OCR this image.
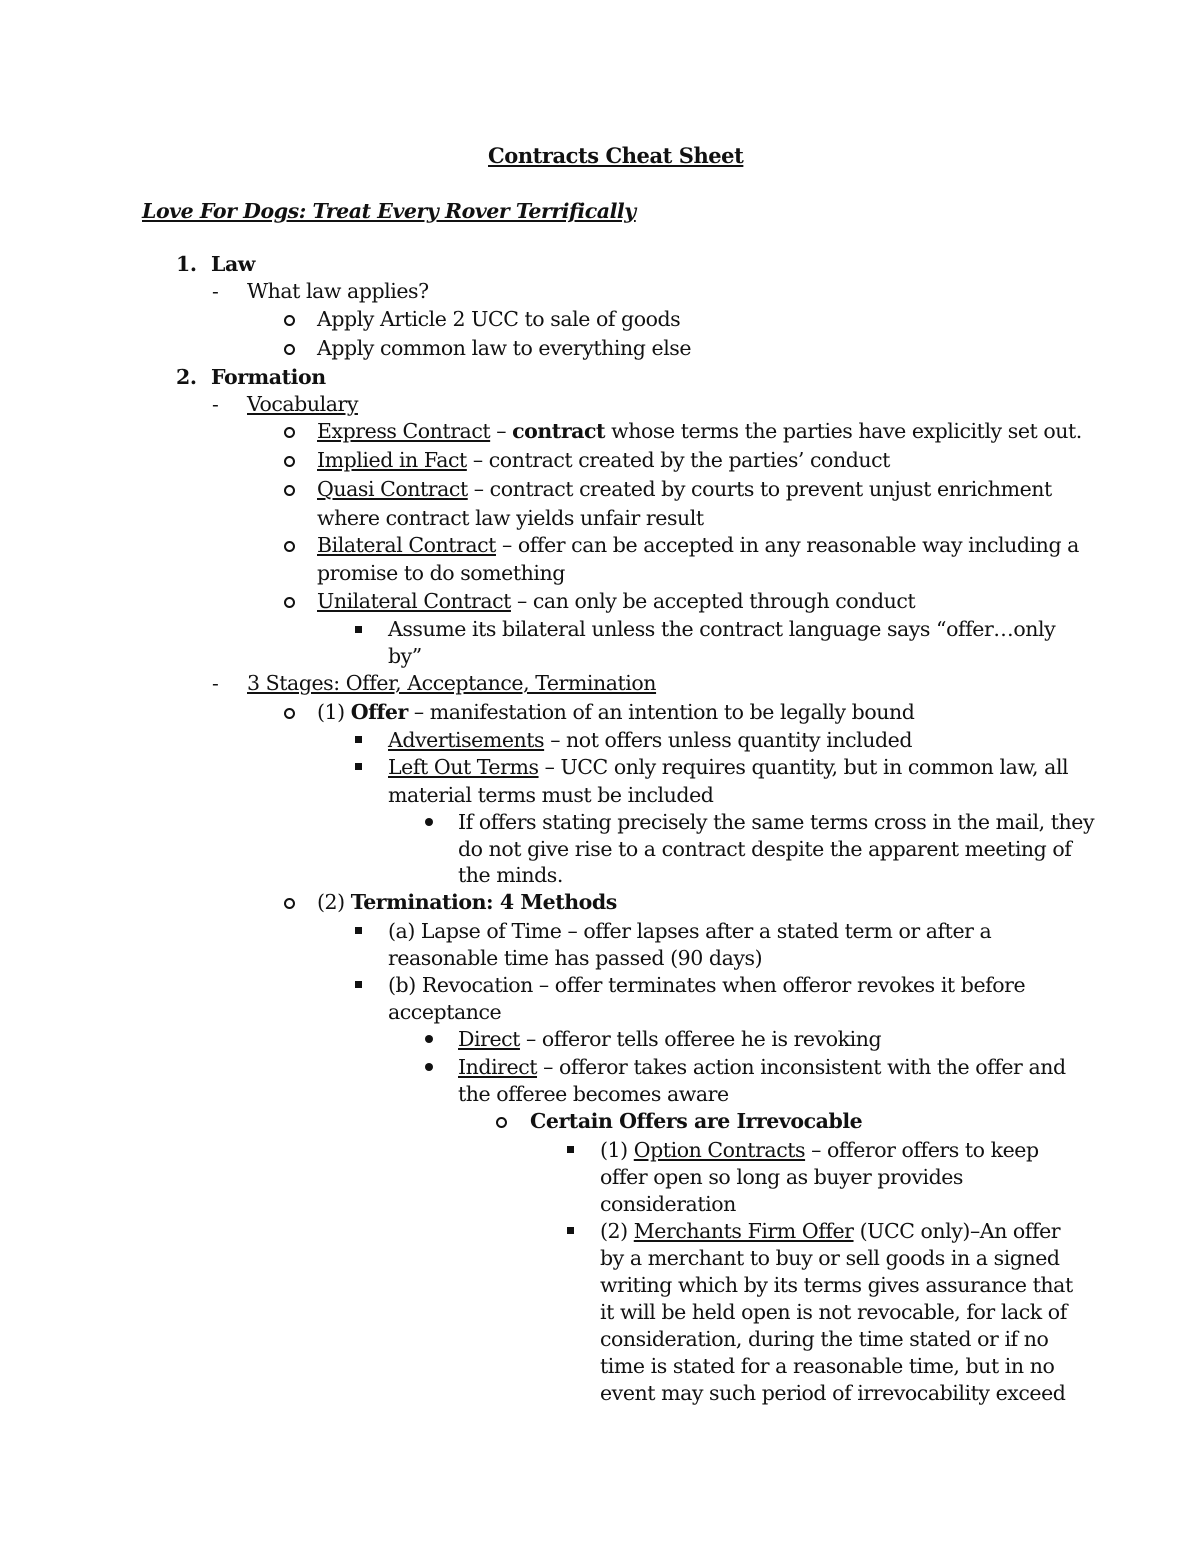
Contracts Cheat Sheet
Love For Dogs: Treat Every Rover Terrifically
1. Law
- What law applies?
Apply Article 2 UCC to sale of goods
Apply common law to everything else
2. Formation
- Vocabulary
Express Contract – contract whose terms the parties have explicitly set out.
Implied in Fact – contract created by the parties’ conduct
Quasi Contract – contract created by courts to prevent unjust enrichment
where contract law yields unfair result
Bilateral Contract – offer can be accepted in any reasonable way including a
promise to do something
Unilateral Contract – can only be accepted through conduct
Assume its bilateral unless the contract language says “offer…only
by”
- 3 Stages: Offer, Acceptance, Termination
(1) Offer – manifestation of an intention to be legally bound
Advertisements – not offers unless quantity included
Left Out Terms – UCC only requires quantity, but in common law, all
material terms must be included
If offers stating precisely the same terms cross in the mail, they
do not give rise to a contract despite the apparent meeting of
the minds.
(2) Termination: 4 Methods
(a) Lapse of Time – offer lapses after a stated term or after a
reasonable time has passed (90 days)
(b) Revocation – offer terminates when offeror revokes it before
acceptance
Direct – offeror tells offeree he is revoking
Indirect – offeror takes action inconsistent with the offer and
the offeree becomes aware
Certain Offers are Irrevocable
(1) Option Contracts – offeror offers to keep
offer open so long as buyer provides
consideration
(2) Merchants Firm Offer (UCC only)–An offer
by a merchant to buy or sell goods in a signed
writing which by its terms gives assurance that
it will be held open is not revocable, for lack of
consideration, during the time stated or if no
time is stated for a reasonable time, but in no
event may such period of irrevocability exceed
